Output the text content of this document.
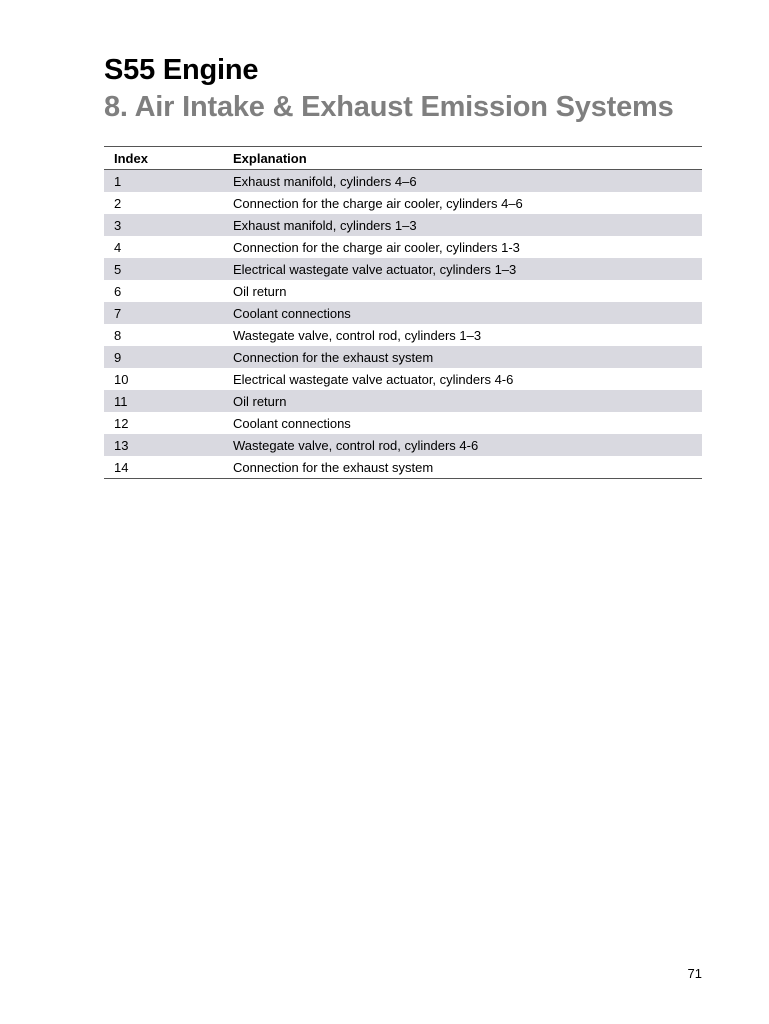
S55 Engine
8. Air Intake & Exhaust Emission Systems
Index	Explanation
1	Exhaust manifold, cylinders 4–6
2	Connection for the charge air cooler, cylinders 4–6
3	Exhaust manifold, cylinders 1–3
4	Connection for the charge air cooler, cylinders 1-3
5	Electrical wastegate valve actuator, cylinders 1–3
6	Oil return
7	Coolant connections
8	Wastegate valve, control rod, cylinders 1–3
9	Connection for the exhaust system
10	Electrical wastegate valve actuator, cylinders 4-6
11	Oil return
12	Coolant connections
13	Wastegate valve, control rod, cylinders 4-6
14	Connection for the exhaust system
71
